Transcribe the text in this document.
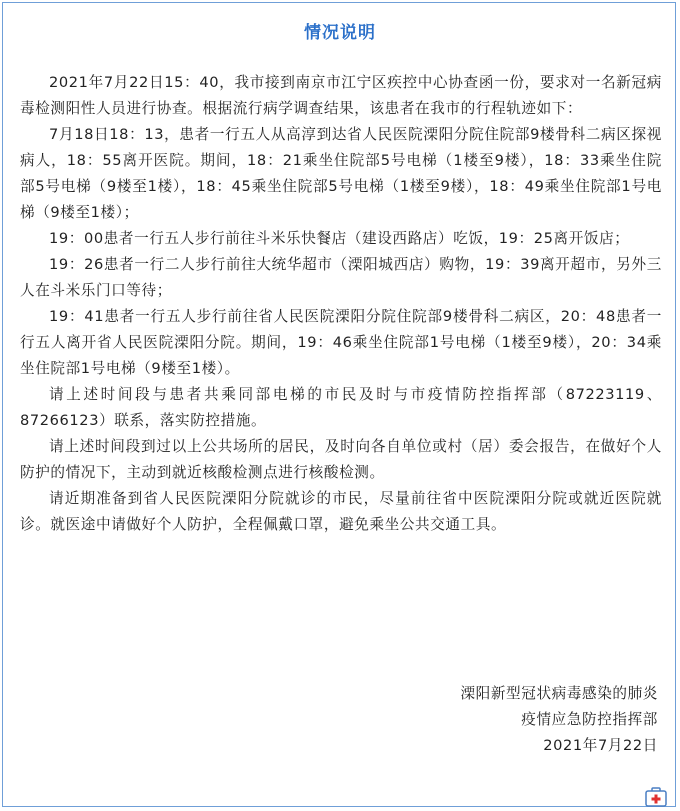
情况说明

2021年7月22日15：40，我市接到南京市江宁区疾控中心协查函一份，要求对一名新冠病毒检测阳性人员进行协查。根据流行病学调查结果，该患者在我市的行程轨迹如下：

7月18日18：13，患者一行五人从高淳到达省人民医院溧阳分院住院部9楼骨科二病区探视病人，18：55离开医院。期间，18：21乘坐住院部5号电梯（1楼至9楼），18：33乘坐住院部5号电梯（9楼至1楼），18：45乘坐住院部5号电梯（1楼至9楼），18：49乘坐住院部1号电梯（9楼至1楼）；

19：00患者一行五人步行前往斗米乐快餐店（建设西路店）吃饭，19：25离开饭店；

19：26患者一行二人步行前往大统华超市（溧阳城西店）购物，19：39离开超市，另外三人在斗米乐门口等待；

19：41患者一行五人步行前往省人民医院溧阳分院住院部9楼骨科二病区，20：48患者一行五人离开省人民医院溧阳分院。期间，19：46乘坐住院部1号电梯（1楼至9楼），20：34乘坐住院部1号电梯（9楼至1楼）。

请上述时间段与患者共乘同部电梯的市民及时与市疫情防控指挥部（87223119、87266123）联系，落实防控措施。

请上述时间段到过以上公共场所的居民，及时向各自单位或村（居）委会报告，在做好个人防护的情况下，主动到就近核酸检测点进行核酸检测。

请近期准备到省人民医院溧阳分院就诊的市民，尽量前往省中医院溧阳分院或就近医院就诊。就医途中请做好个人防护，全程佩戴口罩，避免乘坐公共交通工具。

溧阳新型冠状病毒感染的肺炎
疫情应急防控指挥部
2021年7月22日
